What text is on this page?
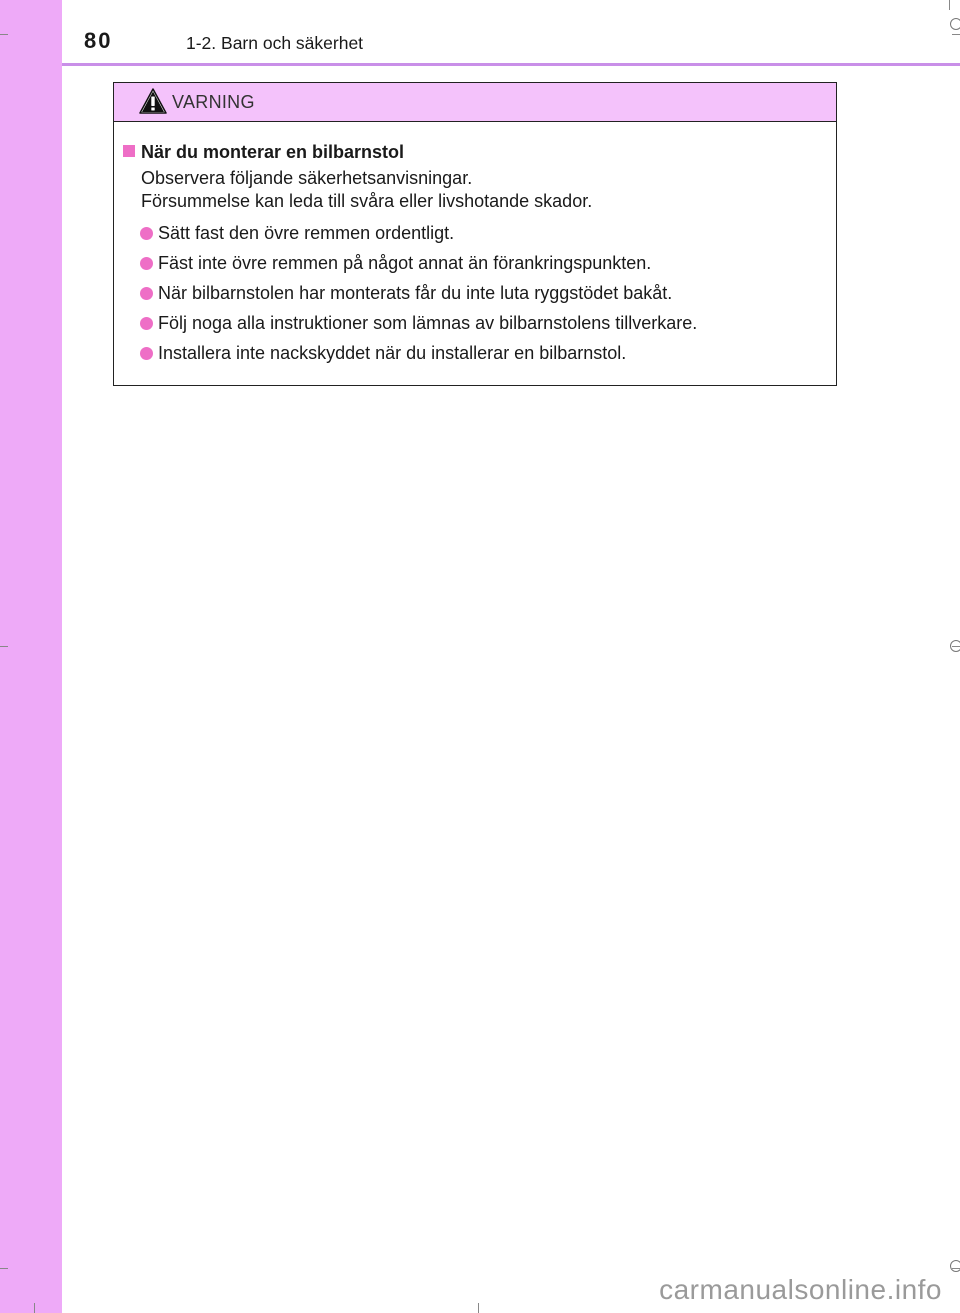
80	1-2. Barn och säkerhet
VARNING
När du monterar en bilbarnstol
Observera följande säkerhetsanvisningar.
Försummelse kan leda till svåra eller livshotande skador.
Sätt fast den övre remmen ordentligt.
Fäst inte övre remmen på något annat än förankringspunkten.
När bilbarnstolen har monterats får du inte luta ryggstödet bakåt.
Följ noga alla instruktioner som lämnas av bilbarnstolens tillverkare.
Installera inte nackskyddet när du installerar en bilbarnstol.
carmanualsonline.info
